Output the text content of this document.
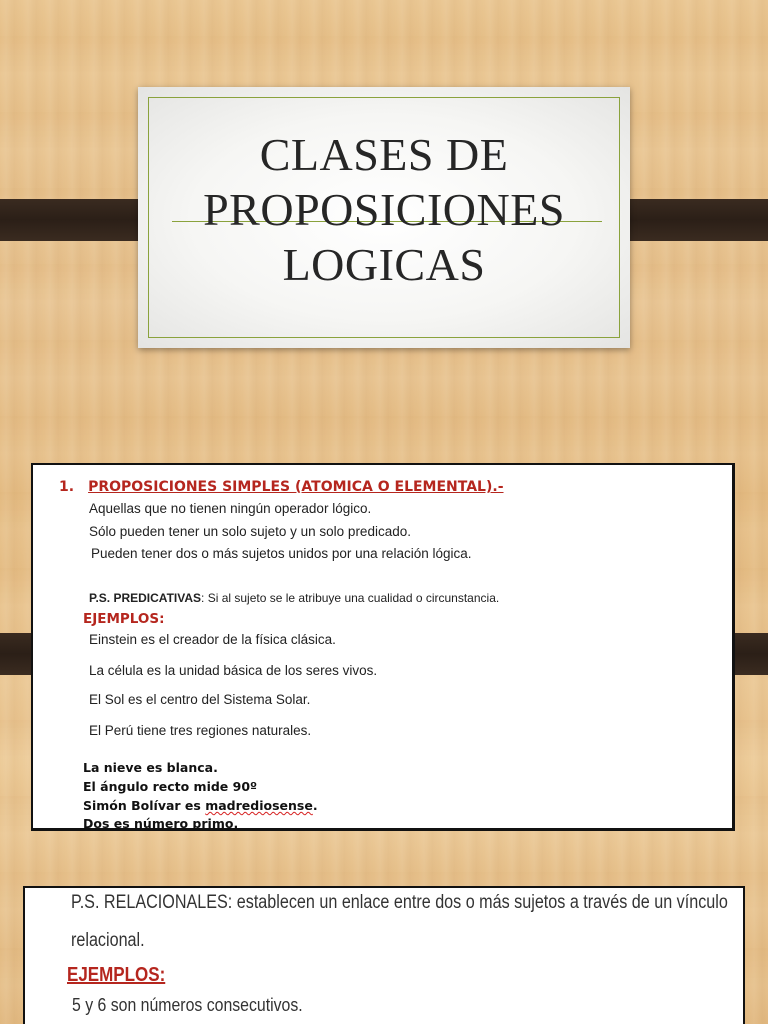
CLASES DE
PROPOSICIONES
LOGICAS
1. PROPOSICIONES SIMPLES (ATOMICA O ELEMENTAL).-
Aquellas que no tienen ningún operador lógico.
Sólo pueden tener un solo sujeto y un solo predicado.
Pueden tener dos o más sujetos unidos por una relación lógica.
P.S. PREDICATIVAS: Si al sujeto se le atribuye una cualidad o circunstancia.
EJEMPLOS:
Einstein es el creador de la física clásica.
La célula es la unidad básica de los seres vivos.
El Sol es el centro del Sistema Solar.
El Perú tiene tres regiones naturales.
La nieve es blanca.
El ángulo recto mide 90º
Simón Bolívar es madrediosense.
Dos es número primo.
P.S. RELACIONALES: establecen un enlace entre dos o más sujetos a través de un vínculo
relacional.
EJEMPLOS:
5 y 6 son números consecutivos.
